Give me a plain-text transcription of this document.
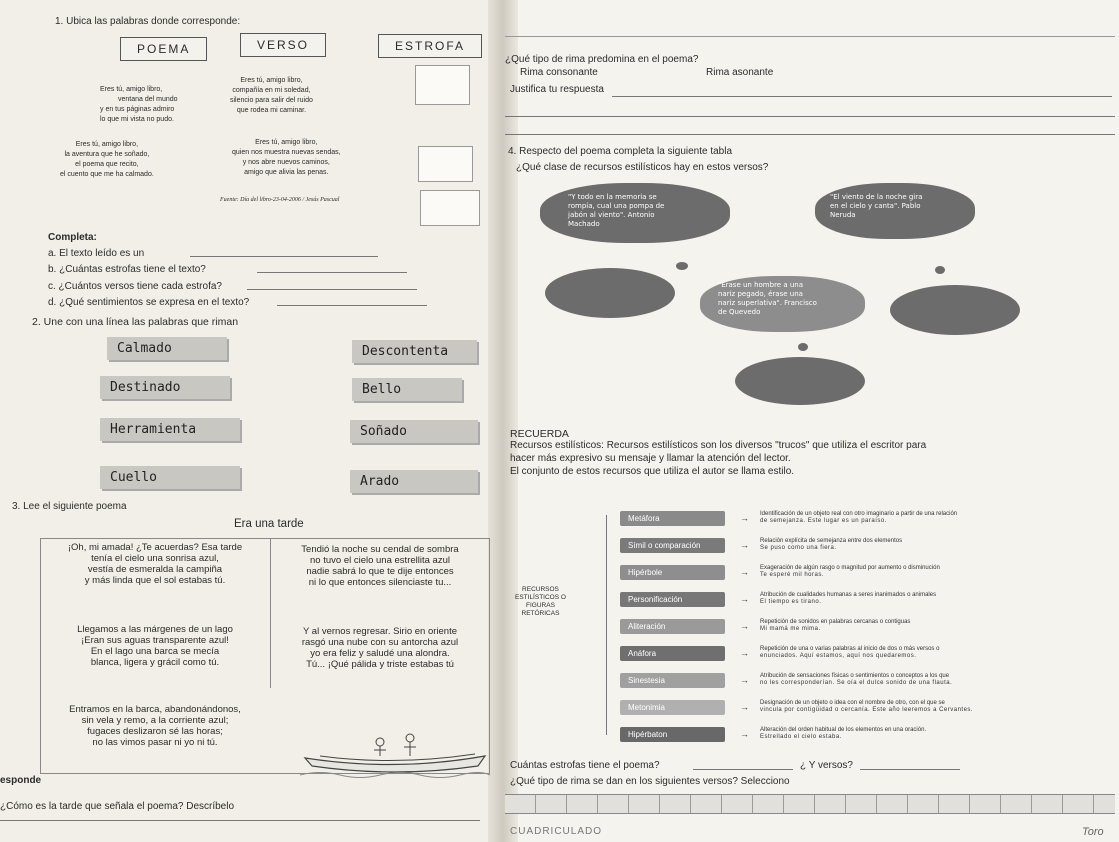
1. Ubica las palabras donde corresponde:
POEMA	VERSO	ESTROFA
Eres tú, amigo libro,
ventana del mundo
y en tus páginas admiro
lo que mi vista no pudo.
Eres tú, amigo libro,
compañía en mi soledad,
silencio para salir del ruido
que rodea mi caminar.
Eres tú, amigo libro,
la aventura que he soñado,
el poema que recito,
el cuento que me ha calmado.
Eres tú, amigo libro,
quien nos muestra nuevas sendas,
y nos abre nuevos caminos,
amigo que alivia las penas.
Fuente: Día del libro-23-04-2006 / Jesús Pascual
Completa:
a. El texto leído es un
b. ¿Cuántas estrofas tiene el texto?
c. ¿Cuántos versos tiene cada estrofa?
d. ¿Qué sentimientos se expresa en el texto?
2. Une con una línea las palabras que riman
Calmado	Descontenta
Destinado	Bello
Herramienta	Soñado
Cuello	Arado
3. Lee el siguiente poema
Era una tarde
¡Oh, mi amada! ¿Te acuerdas? Esa tarde
tenía el cielo una sonrisa azul,
vestía de esmeralda la campiña
y más linda que el sol estabas tú.
Tendió la noche su cendal de sombra
no tuvo el cielo una estrellita azul
nadie sabrá lo que te dije entonces
ni lo que entonces silenciaste tu...
Llegamos a las márgenes de un lago
¡Eran sus aguas transparente azul!
En el lago una barca se mecía
blanca, ligera y grácil como tú.
Y al vernos regresar. Sirio en oriente
rasgó una nube con su antorcha azul
yo era feliz y saludé una alondra.
Tú... ¡Qué pálida y triste estabas tú
Entramos en la barca, abandonándonos,
sin vela y remo, a la corriente azul;
fugaces deslizaron sé las horas;
no las vimos pasar ni yo ni tú.
esponde
¿Cómo es la tarde que señala el poema? Descríbelo
¿Qué tipo de rima predomina en el poema?
Rima consonante	Rima asonante
Justifica tu respuesta
4. Respecto del poema completa la siguiente tabla
¿Qué clase de recursos estilísticos hay en estos versos?
"Y todo en la memoria se
rompía, cual una pompa de
jabón al viento". Antonio
Machado
"El viento de la noche gira
en el cielo y canta". Pablo
Neruda
"Érase un hombre a una
nariz pegado, érase una
nariz superlativa". Francisco
de Quevedo
RECUERDA
Recursos estilísticos: Recursos estilísticos son los diversos "trucos" que utiliza el escritor para
hacer más expresivo su mensaje y llamar la atención del lector.
El conjunto de estos recursos que utiliza el autor se llama estilo.
RECURSOS
ESTILÍSTICOS O
FIGURAS
RETÓRICAS
Metáfora	→ Identificación de un objeto real con otro imaginario a partir de una relación
de semejanza. Este lugar es un paraíso.
Símil o comparación	→ Relación explícita de semejanza entre dos elementos
Se puso como una fiera.
Hipérbole	→ Exageración de algún rasgo o magnitud por aumento o disminución
Te esperé mil horas.
Personificación	→ Atribución de cualidades humanas a seres inanimados o animales
El tiempo es tirano.
Aliteración	→ Repetición de sonidos en palabras cercanas o contiguas
Mi mamá me mima.
Anáfora	→ Repetición de una o varias palabras al inicio de dos o más versos o
enunciados. Aquí estamos, aquí nos quedaremos.
Sinestesia	→ Atribución de sensaciones físicas o sentimientos o conceptos a los que
no les corresponderían. Se oía el dulce sonido de una flauta.
Metonimia	→ Designación de un objeto o idea con el nombre de otro, con el que se
vincula por contigüidad o cercanía. Este año leeremos a Cervantes.
Hipérbaton	→ Alteración del orden habitual de los elementos en una oración.
Estrellado el cielo estaba.
Cuántas estrofas tiene el poema?	¿ Y versos?
¿Qué tipo de rima se dan en los siguientes versos? Selecciono
CUADRICULADO	Toro
